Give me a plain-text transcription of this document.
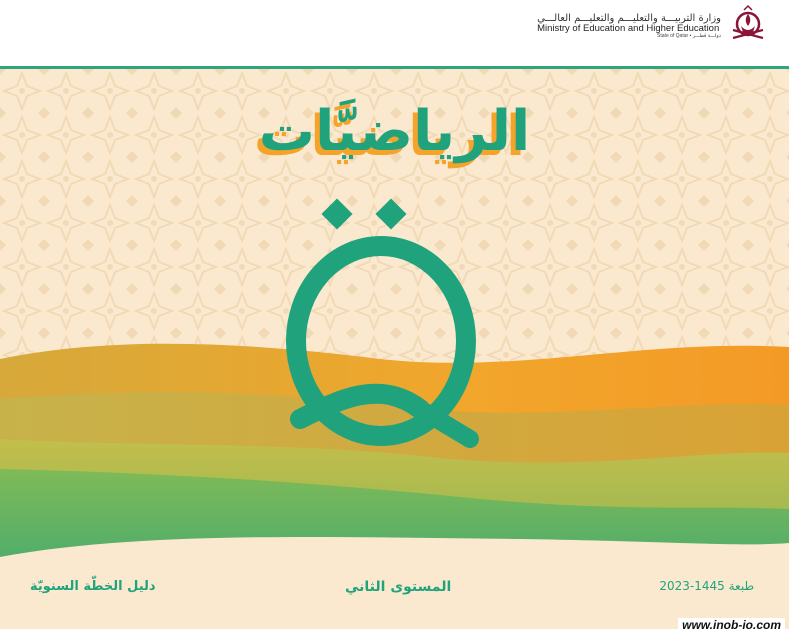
وزارة التربيـــة والتعليـــم والتعليـــم العالـــي
Ministry of Education and Higher Education
State of Qatar • دولـــة قطـــر
الرياضيَّات
طبعة 1445-2023
المستوى الثاني
دليل الخطّة السنويّة
www.inob-io.com
